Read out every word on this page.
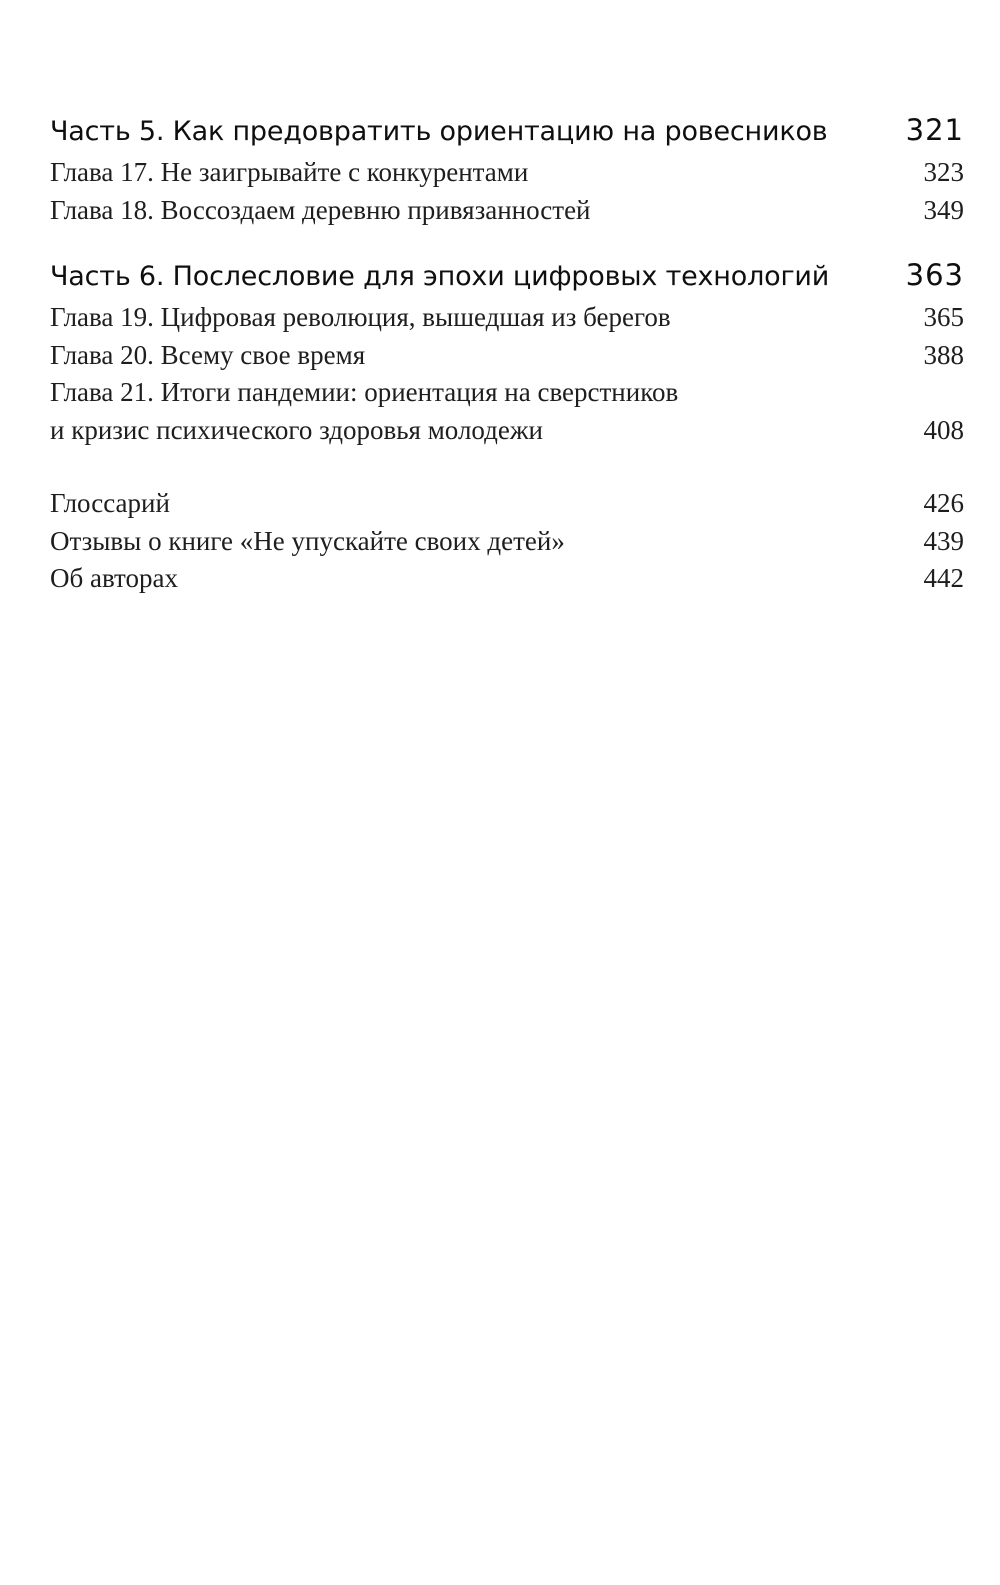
Часть 5. Как предовратить ориентацию на ровесников	321
Глава 17. Не заигрывайте с конкурентами	323
Глава 18. Воссоздаем деревню привязанностей	349
Часть 6. Послесловие для эпохи цифровых технологий	363
Глава 19. Цифровая революция, вышедшая из берегов	365
Глава 20. Всему свое время	388
Глава 21. Итоги пандемии: ориентация на сверстников
и кризис психического здоровья молодежи	408
Глоссарий	426
Отзывы о книге «Не упускайте своих детей»	439
Об авторах	442
